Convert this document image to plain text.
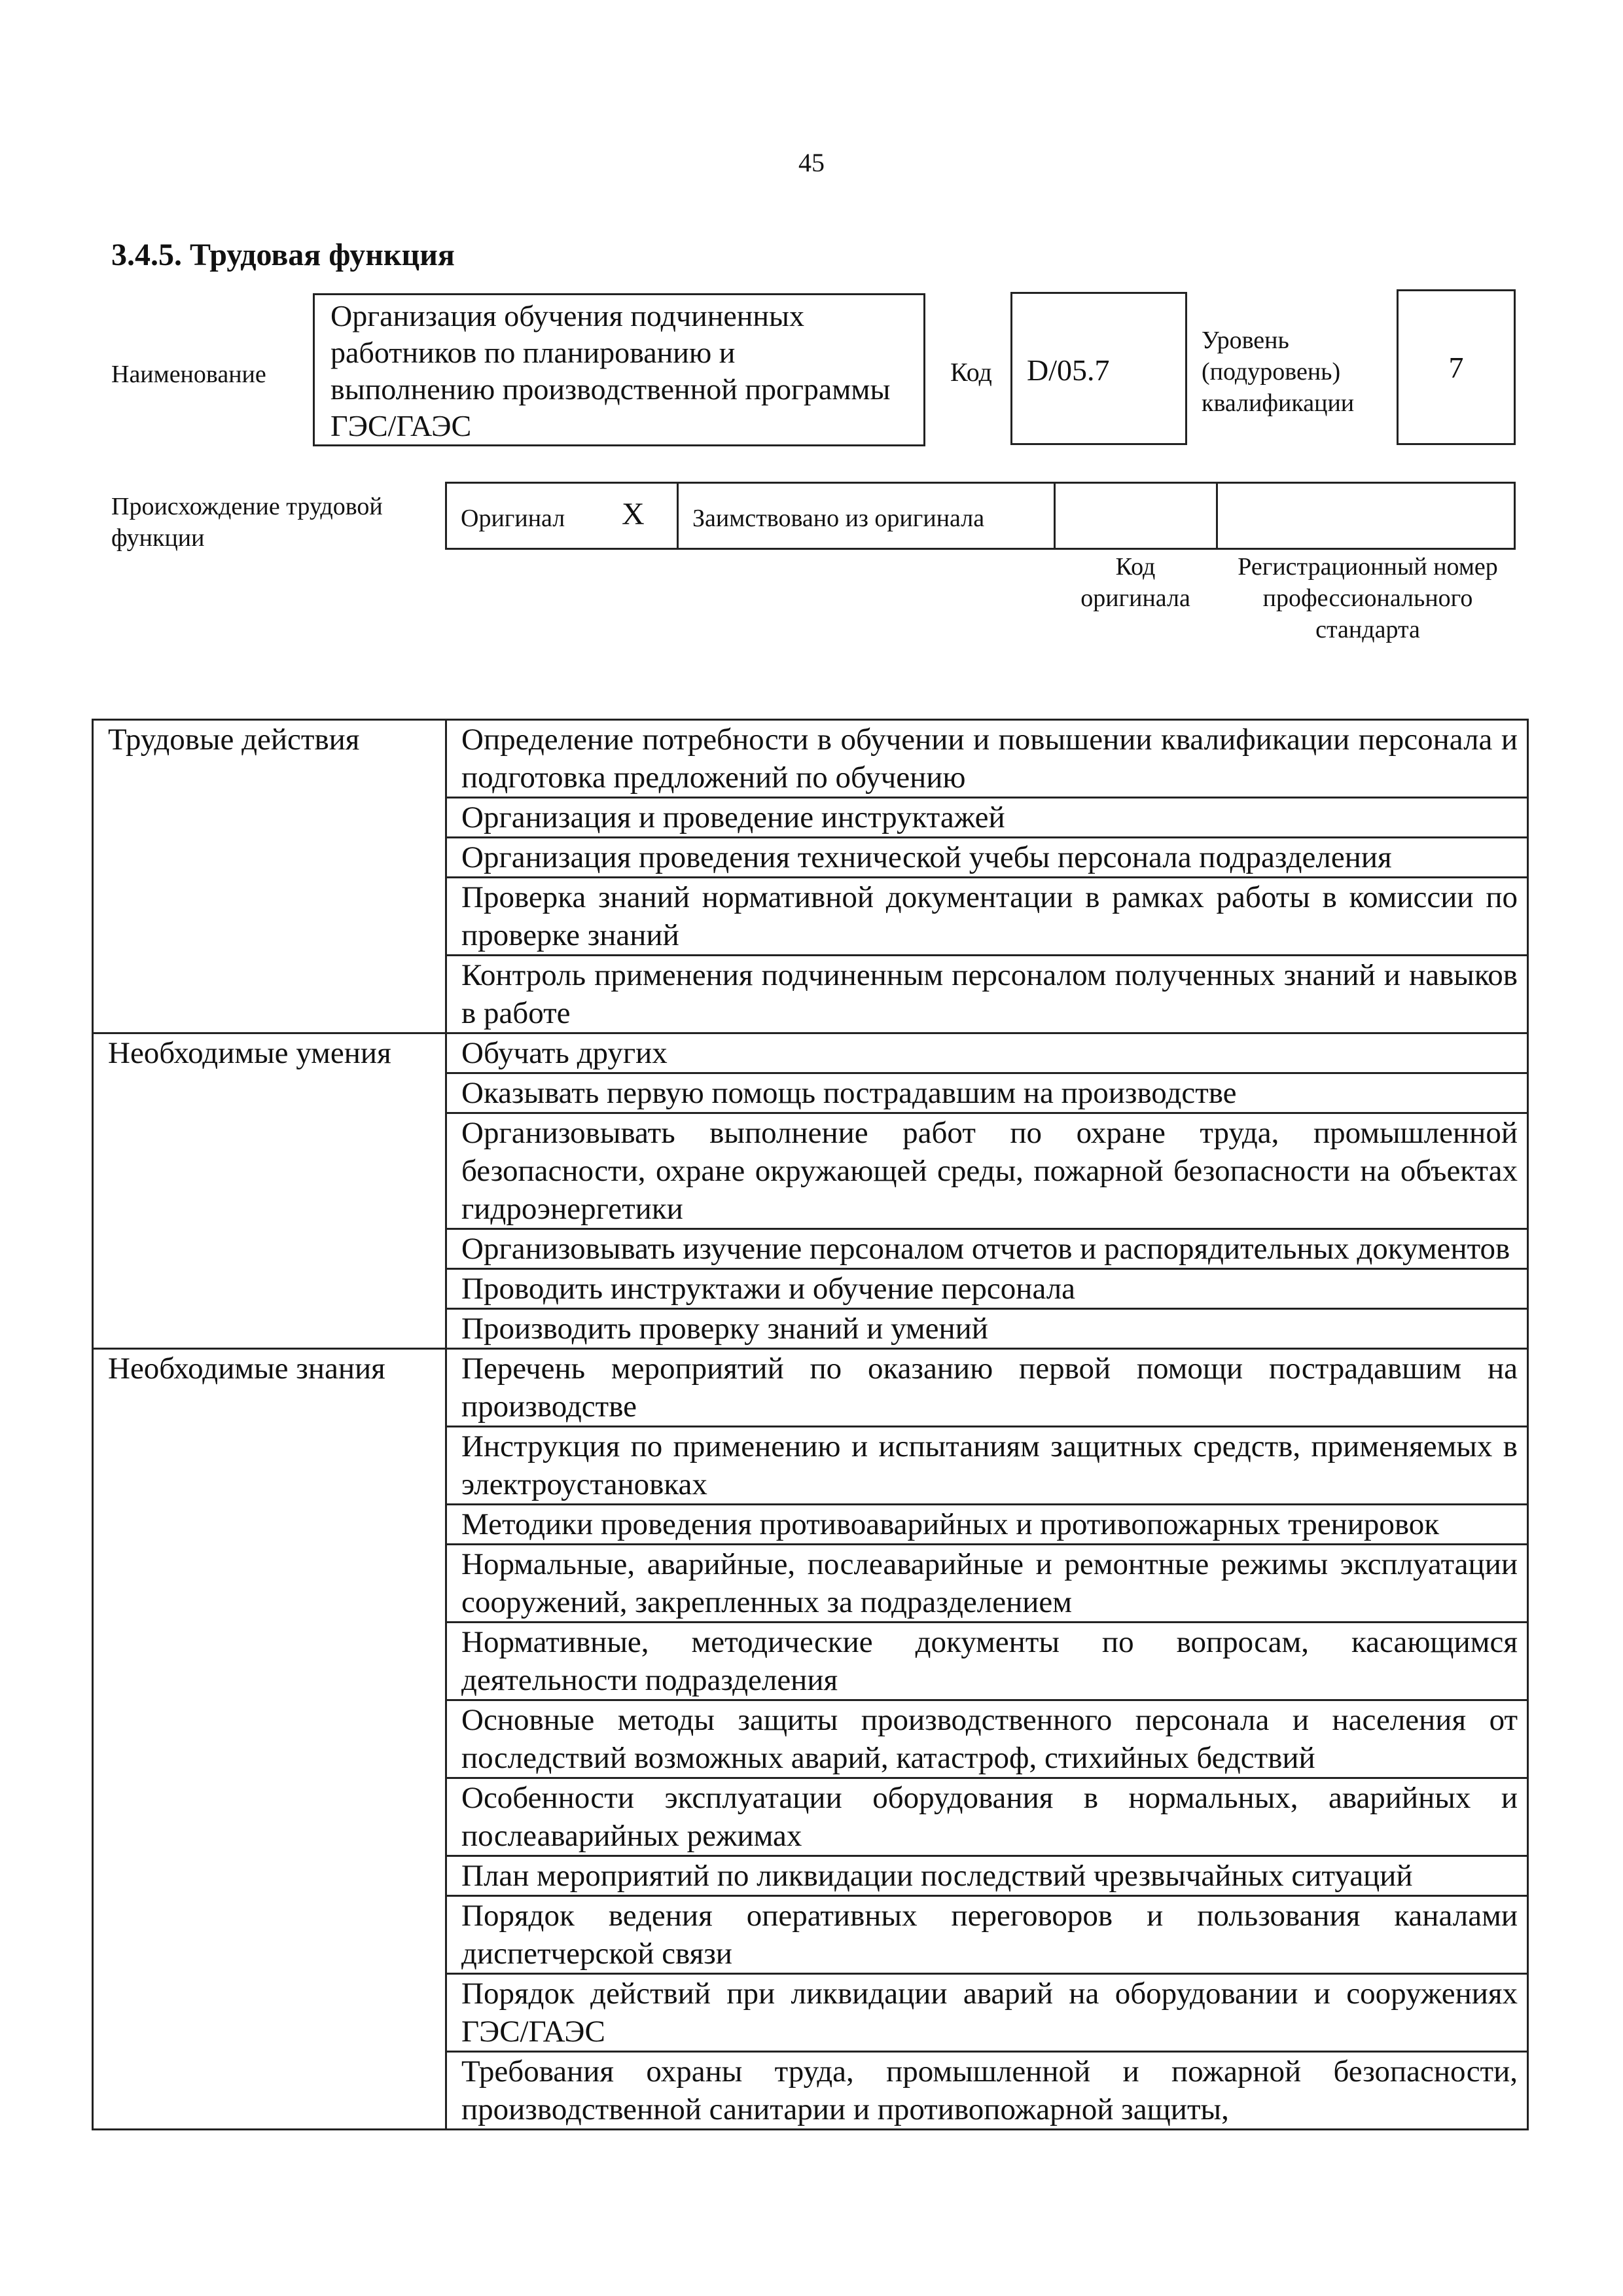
45
3.4.5. Трудовая функция
Наименование
Организация обучения подчиненных работников по планированию и выполнению производственной программы ГЭС/ГАЭС
Код D/05.7
Уровень (подуровень) квалификации
7
Происхождение трудовой функции
Оригинал X Заимствовано из оригинала
Код оригинала
Регистрационный номер профессионального стандарта
Трудовые действия	Определение потребности в обучении и повышении квалификации персонала и подготовка предложений по обучению
	Организация и проведение инструктажей
	Организация проведения технической учебы персонала подразделения
	Проверка знаний нормативной документации в рамках работы в комиссии по проверке знаний
	Контроль применения подчиненным персоналом полученных знаний и навыков в работе
Необходимые умения	Обучать других
	Оказывать первую помощь пострадавшим на производстве
	Организовывать выполнение работ по охране труда, промышленной безопасности, охране окружающей среды, пожарной безопасности на объектах гидроэнергетики
	Организовывать изучение персоналом отчетов и распорядительных документов
	Проводить инструктажи и обучение персонала
	Производить проверку знаний и умений
Необходимые знания	Перечень мероприятий по оказанию первой помощи пострадавшим на производстве
	Инструкция по применению и испытаниям защитных средств, применяемых в электроустановках
	Методики проведения противоаварийных и противопожарных тренировок
	Нормальные, аварийные, послеаварийные и ремонтные режимы эксплуатации сооружений, закрепленных за подразделением
	Нормативные, методические документы по вопросам, касающимся деятельности подразделения
	Основные методы защиты производственного персонала и населения от последствий возможных аварий, катастроф, стихийных бедствий
	Особенности эксплуатации оборудования в нормальных, аварийных и послеаварийных режимах
	План мероприятий по ликвидации последствий чрезвычайных ситуаций
	Порядок ведения оперативных переговоров и пользования каналами диспетчерской связи
	Порядок действий при ликвидации аварий на оборудовании и сооружениях ГЭС/ГАЭС
	Требования охраны труда, промышленной и пожарной безопасности, производственной санитарии и противопожарной защиты,
